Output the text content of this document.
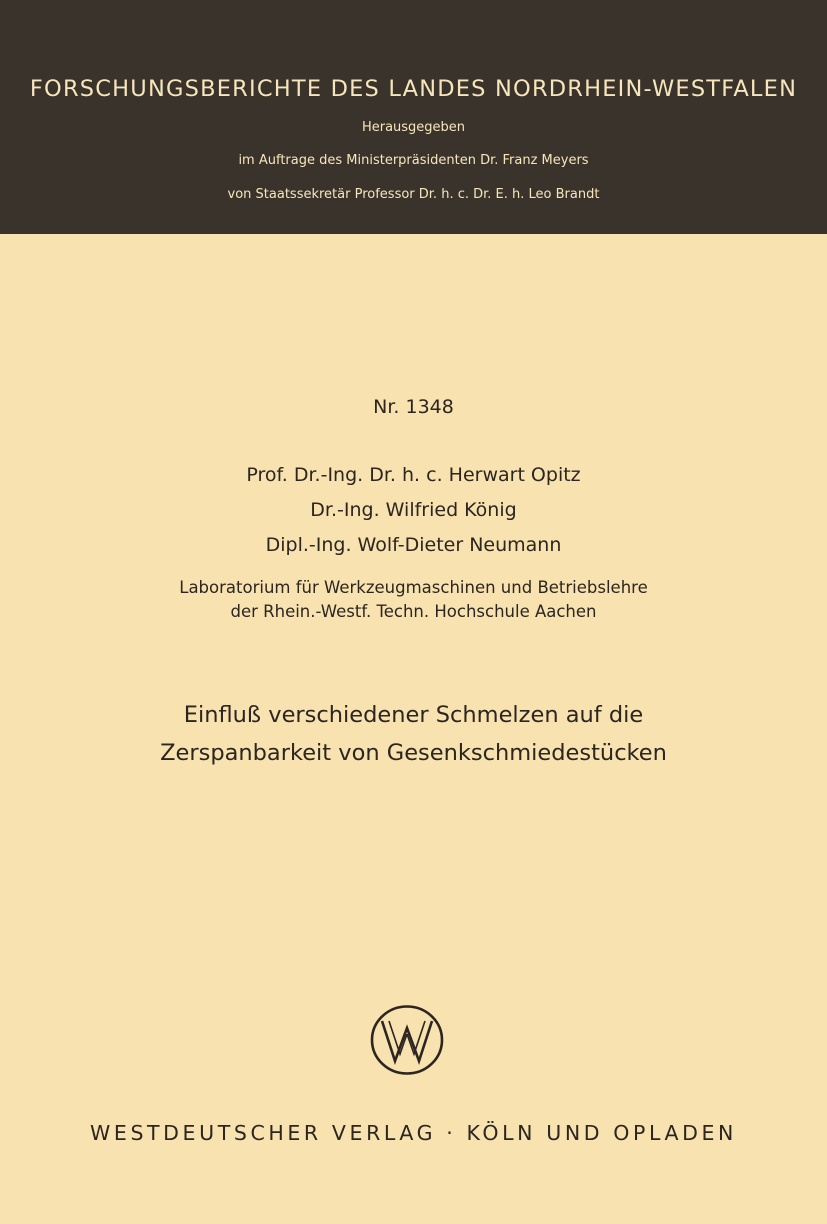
FORSCHUNGSBERICHTE DES LANDES NORDRHEIN-WESTFALEN
Herausgegeben
im Auftrage des Ministerpräsidenten Dr. Franz Meyers
von Staatssekretär Professor Dr. h. c. Dr. E. h. Leo Brandt
Nr. 1348
Prof. Dr.-Ing. Dr. h. c. Herwart Opitz
Dr.-Ing. Wilfried König
Dipl.-Ing. Wolf-Dieter Neumann
Laboratorium für Werkzeugmaschinen und Betriebslehre
der Rhein.-Westf. Techn. Hochschule Aachen
Einfluß verschiedener Schmelzen auf die
Zerspanbarkeit von Gesenkschmiedestücken
WESTDEUTSCHER VERLAG · KÖLN UND OPLADEN
